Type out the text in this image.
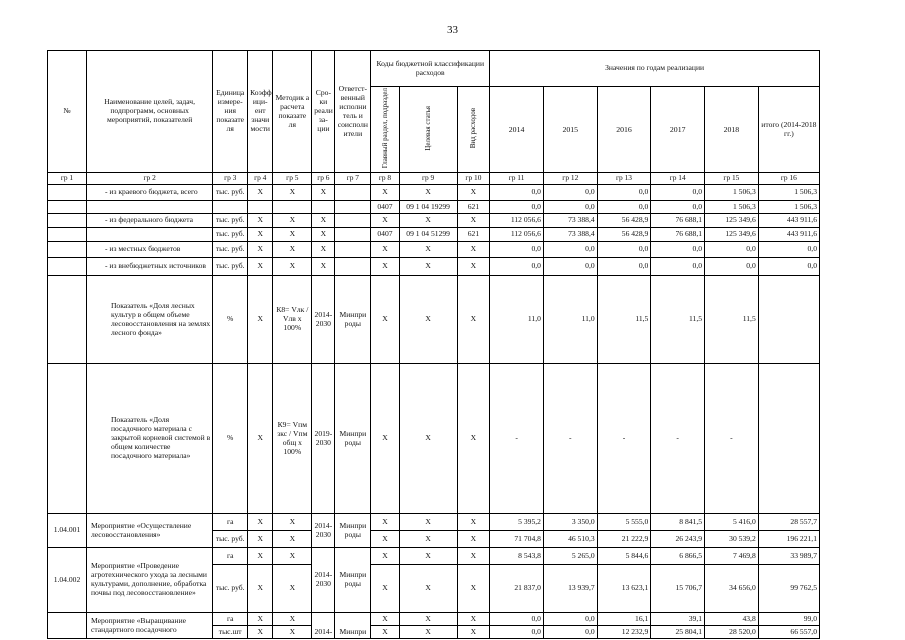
33
№	Наименование целей, задач, подпрограмм, основных мероприятий, показателей	Единица измере-ния показате ля	Коэфф ици-ент значи мости	Методик а расчета показате ля	Сро-ки реали за-ции	Ответст-венный исполни тель и соисполн ители	Коды бюджетной классификации расходов			Значения по годам реализации					
							Главный раздел, подраздел	Целевая статья	Вид расходов	2014	2015	2016	2017	2018	итого (2014-2018 гг.)
гр 1	гр 2	гр 3	гр 4	гр 5	гр 6	гр 7	гр 8	гр 9	гр 10	гр 11	гр 12	гр 13	гр 14	гр 15	гр 16
	- из краевого бюджета, всего	тыс. руб.	X	X	X		X	X	X	0,0	0,0	0,0	0,0	1 506,3	1 506,3
							0407	09 1 04 19299	621	0,0	0,0	0,0	0,0	1 506,3	1 506,3
	- из федерального бюджета	тыс. руб.	X	X	X		X	X	X	112 056,6	73 388,4	56 428,9	76 688,1	125 349,6	443 911,6
		тыс. руб.	X	X	X		0407	09 1 04 51299	621	112 056,6	73 388,4	56 428,9	76 688,1	125 349,6	443 911,6
	- из местных бюджетов	тыс. руб.	X	X	X		X	X	X	0,0	0,0	0,0	0,0	0,0	0,0
	- из внебюджетных источников	тыс. руб.	X	X	X		X	X	X	0,0	0,0	0,0	0,0	0,0	0,0
	Показатель «Доля лесных культур в общем объеме лесовосстановления на землях лесного фонда»	%	X	К8= Vлк / Vлв x 100%	2014-2030	Минпри роды	X	X	X	11,0	11,0	11,5	11,5	11,5	
	Показатель «Доля посадочного материала с закрытой корневой системой в общем количестве посадочного материала»	%	X	К9= Vпм зкс / Vпм общ x 100%	2019-2030	Минпри роды	X	X	X	-	-	-	-	-	
1.04.001	Мероприятие «Осуществление лесовосстановления»	га	X	X	2014-2030	Минпри роды	X	X	X	5 395,2	3 350,0	5 555,0	8 841,5	5 416,0	28 557,7
		тыс. руб.	X	X			X	X	X	71 704,8	46 510,3	21 222,9	26 243,9	30 539,2	196 221,1
1.04.002	Мероприятие «Проведение агротехнического ухода за лесными культурами, дополнение, обработка почвы под лесовосстановление»	га	X	X	2014-2030	Минпри роды	X	X	X	8 543,8	5 265,0	5 844,6	6 866,5	7 469,8	33 989,7
		тыс. руб.	X	X			X	X	X	21 837,0	13 939,7	13 623,1	15 706,7	34 656,0	99 762,5
	Мероприятие «Выращивание стандартного посадочного	га	X	X	2014-	Минпри	X	X	X	0,0	0,0	16,1	39,1	43,8	99,0
		тыс.шт	X	X			X	X	X	0,0	0,0	12 232,9	25 804,1	28 520,0	66 557,0
